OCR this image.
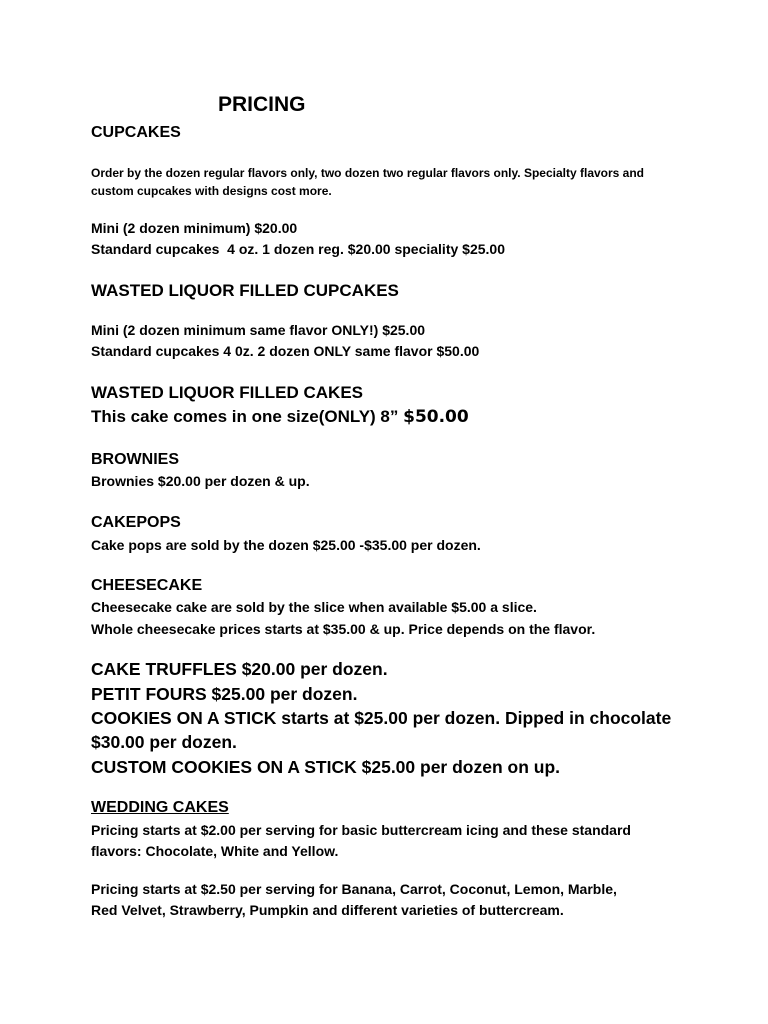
PRICING

CUPCAKES

Order by the dozen regular flavors only, two dozen two regular flavors only. Specialty flavors and

custom cupcakes with designs cost more.

Mini (2 dozen minimum) $20.00

Standard cupcakes  4 oz. 1 dozen reg. $20.00 speciality $25.00

WASTED LIQUOR FILLED CUPCAKES

Mini (2 dozen minimum same flavor ONLY!) $25.00

Standard cupcakes 4 0z. 2 dozen ONLY same flavor $50.00

WASTED LIQUOR FILLED CAKES

This cake comes in one size(ONLY) 8” $50.00

BROWNIES

Brownies $20.00 per dozen & up.

CAKEPOPS

Cake pops are sold by the dozen $25.00 -$35.00 per dozen.

CHEESECAKE

Cheesecake cake are sold by the slice when available $5.00 a slice.

Whole cheesecake prices starts at $35.00 & up. Price depends on the flavor.

CAKE TRUFFLES $20.00 per dozen.

PETIT FOURS $25.00 per dozen.

COOKIES ON A STICK starts at $25.00 per dozen. Dipped in chocolate

$30.00 per dozen.

CUSTOM COOKIES ON A STICK $25.00 per dozen on up.

WEDDING CAKES

Pricing starts at $2.00 per serving for basic buttercream icing and these standard

flavors: Chocolate, White and Yellow.

Pricing starts at $2.50 per serving for Banana, Carrot, Coconut, Lemon, Marble,

Red Velvet, Strawberry, Pumpkin and different varieties of buttercream.
